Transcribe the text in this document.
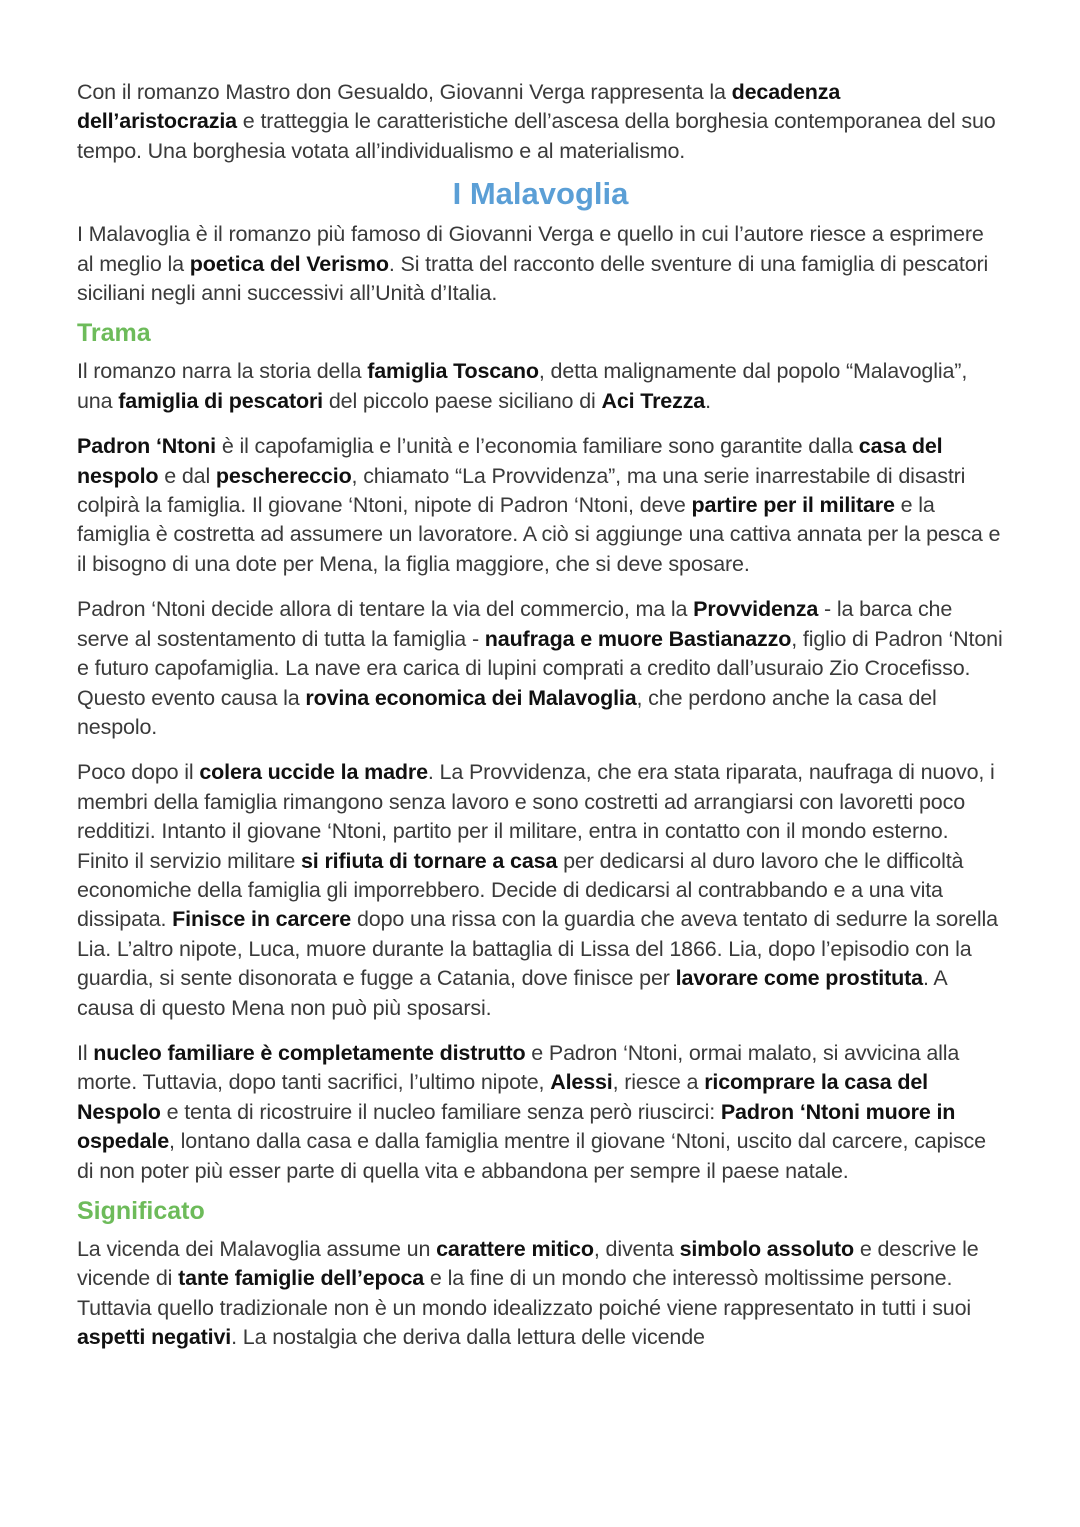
Con il romanzo Mastro don Gesualdo, Giovanni Verga rappresenta la decadenza dell’aristocrazia e tratteggia le caratteristiche dell’ascesa della borghesia contemporanea del suo tempo. Una borghesia votata all’individualismo e al materialismo.

I Malavoglia

I Malavoglia è il romanzo più famoso di Giovanni Verga e quello in cui l’autore riesce a esprimere al meglio la poetica del Verismo. Si tratta del racconto delle sventure di una famiglia di pescatori siciliani negli anni successivi all’Unità d’Italia.

Trama

Il romanzo narra la storia della famiglia Toscano, detta malignamente dal popolo “Malavoglia”, una famiglia di pescatori del piccolo paese siciliano di Aci Trezza.

Padron ‘Ntoni è il capofamiglia e l’unità e l’economia familiare sono garantite dalla casa del nespolo e dal peschereccio, chiamato “La Provvidenza”, ma una serie inarrestabile di disastri colpirà la famiglia. Il giovane ‘Ntoni, nipote di Padron ‘Ntoni, deve partire per il militare e la famiglia è costretta ad assumere un lavoratore. A ciò si aggiunge una cattiva annata per la pesca e il bisogno di una dote per Mena, la figlia maggiore, che si deve sposare.

Padron ‘Ntoni decide allora di tentare la via del commercio, ma la Provvidenza - la barca che serve al sostentamento di tutta la famiglia - naufraga e muore Bastianazzo, figlio di Padron ‘Ntoni e futuro capofamiglia. La nave era carica di lupini comprati a credito dall’usuraio Zio Crocefisso. Questo evento causa la rovina economica dei Malavoglia, che perdono anche la casa del nespolo.

Poco dopo il colera uccide la madre. La Provvidenza, che era stata riparata, naufraga di nuovo, i membri della famiglia rimangono senza lavoro e sono costretti ad arrangiarsi con lavoretti poco redditizi. Intanto il giovane ‘Ntoni, partito per il militare, entra in contatto con il mondo esterno. Finito il servizio militare si rifiuta di tornare a casa per dedicarsi al duro lavoro che le difficoltà economiche della famiglia gli imporrebbero. Decide di dedicarsi al contrabbando e a una vita dissipata. Finisce in carcere dopo una rissa con la guardia che aveva tentato di sedurre la sorella Lia. L’altro nipote, Luca, muore durante la battaglia di Lissa del 1866. Lia, dopo l’episodio con la guardia, si sente disonorata e fugge a Catania, dove finisce per lavorare come prostituta. A causa di questo Mena non può più sposarsi.

Il nucleo familiare è completamente distrutto e Padron ‘Ntoni, ormai malato, si avvicina alla morte. Tuttavia, dopo tanti sacrifici, l’ultimo nipote, Alessi, riesce a ricomprare la casa del Nespolo e tenta di ricostruire il nucleo familiare senza però riuscirci: Padron ‘Ntoni muore in ospedale, lontano dalla casa e dalla famiglia mentre il giovane ‘Ntoni, uscito dal carcere, capisce di non poter più esser parte di quella vita e abbandona per sempre il paese natale.

Significato

La vicenda dei Malavoglia assume un carattere mitico, diventa simbolo assoluto e descrive le vicende di tante famiglie dell’epoca e la fine di un mondo che interessò moltissime persone. Tuttavia quello tradizionale non è un mondo idealizzato poiché viene rappresentato in tutti i suoi aspetti negativi. La nostalgia che deriva dalla lettura delle vicende
